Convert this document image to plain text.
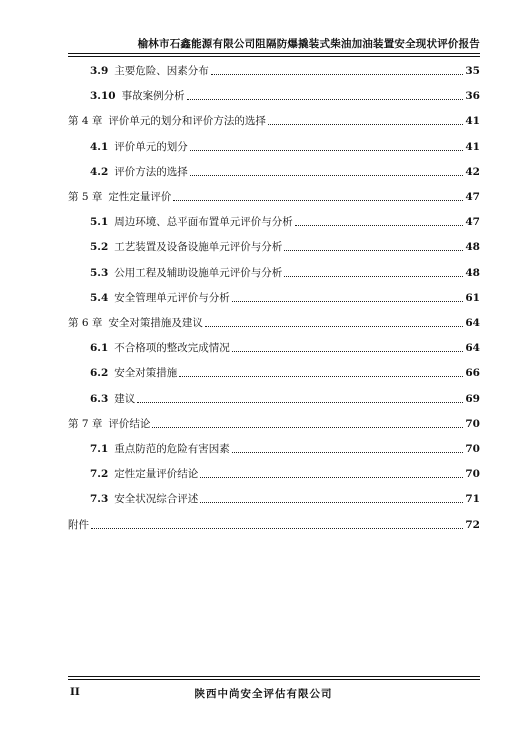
榆林市石鑫能源有限公司阻隔防爆撬装式柴油加油装置安全现状评价报告
3.9 主要危险、因素分布	35
3.10 事故案例分析	36
第 4 章 评价单元的划分和评价方法的选择	41
4.1 评价单元的划分	41
4.2 评价方法的选择	42
第 5 章 定性定量评价	47
5.1 周边环境、总平面布置单元评价与分析	47
5.2 工艺装置及设备设施单元评价与分析	48
5.3 公用工程及辅助设施单元评价与分析	48
5.4 安全管理单元评价与分析	61
第 6 章 安全对策措施及建议	64
6.1 不合格项的整改完成情况	64
6.2 安全对策措施	66
6.3 建议	69
第 7 章 评价结论	70
7.1 重点防范的危险有害因素	70
7.2 定性定量评价结论	70
7.3 安全状况综合评述	71
附件	72
II	陕西中尚安全评估有限公司
